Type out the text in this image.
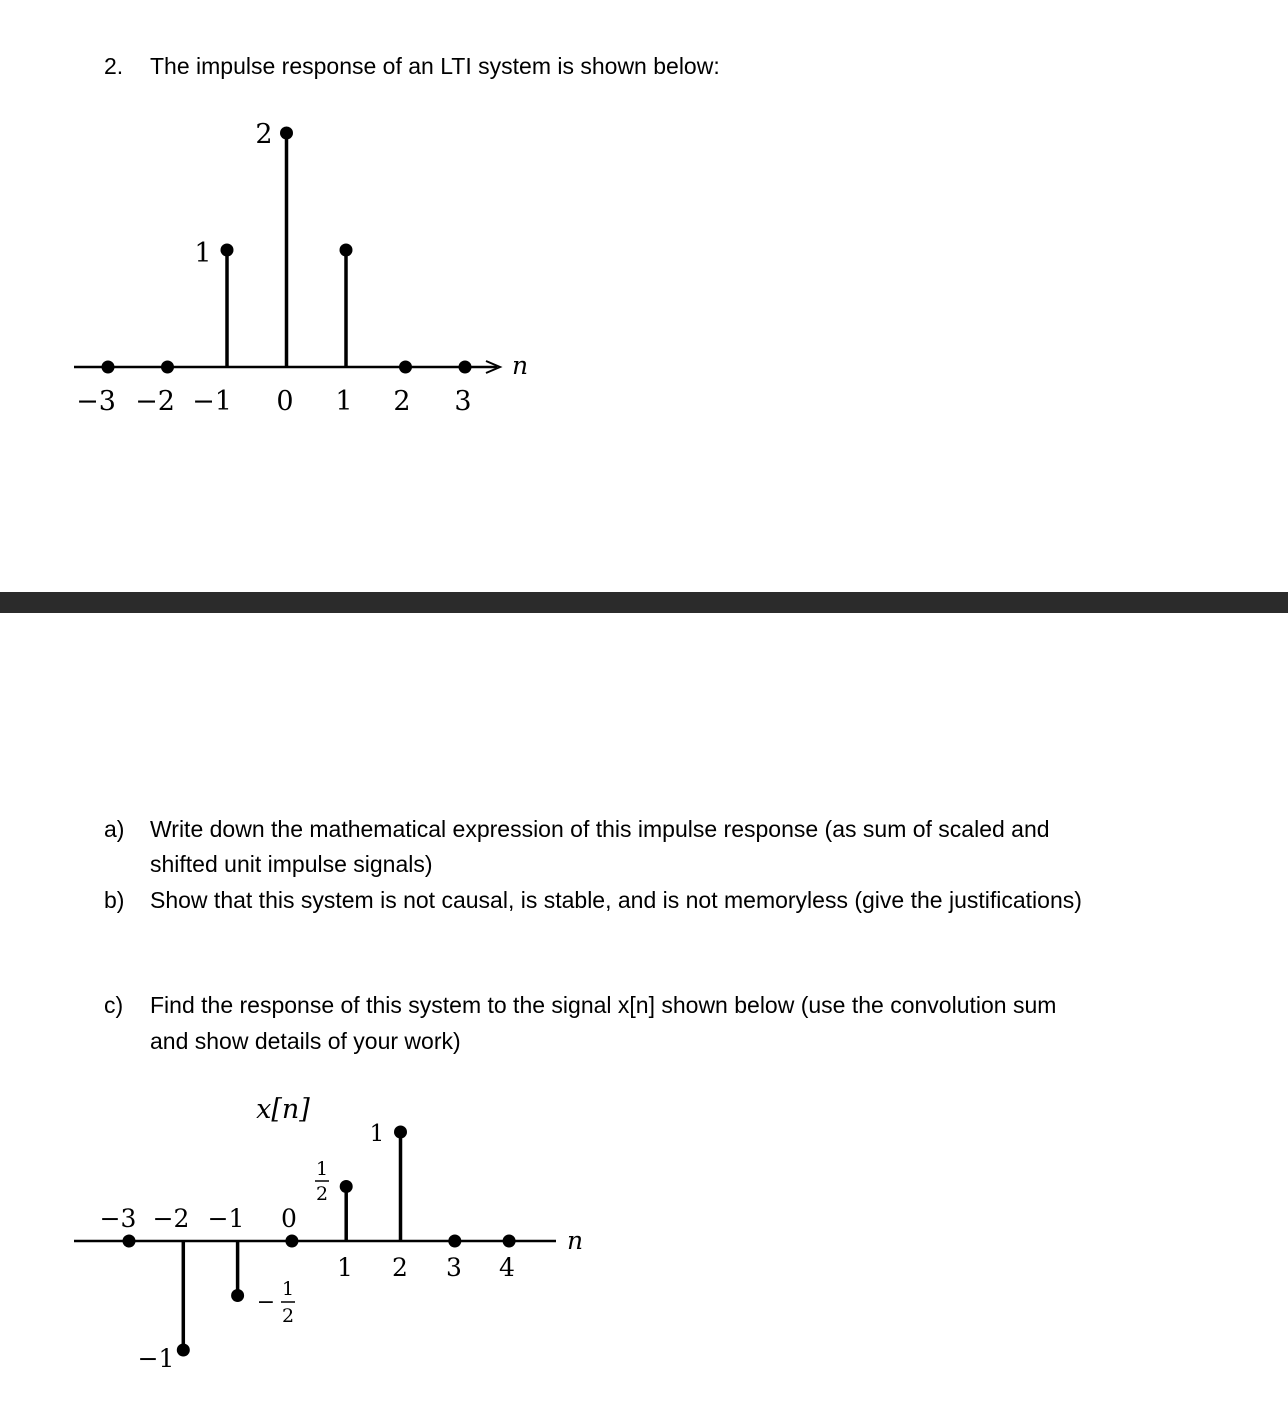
2.	The impulse response of an LTI system is shown below:
−3 −2 −1 0 1 2 3
1
2
n
a)	Write down the mathematical expression of this impulse response (as sum of scaled and
shifted unit impulse signals)
b)	Show that this system is not causal, is stable, and is not memoryless (give the justifications)
c)	Find the response of this system to the signal x[n] shown below (use the convolution sum
and show details of your work)
x[n]
−3 −2 −1 0
1 2 3 4
1
−1
1
2
−
1
2
n
